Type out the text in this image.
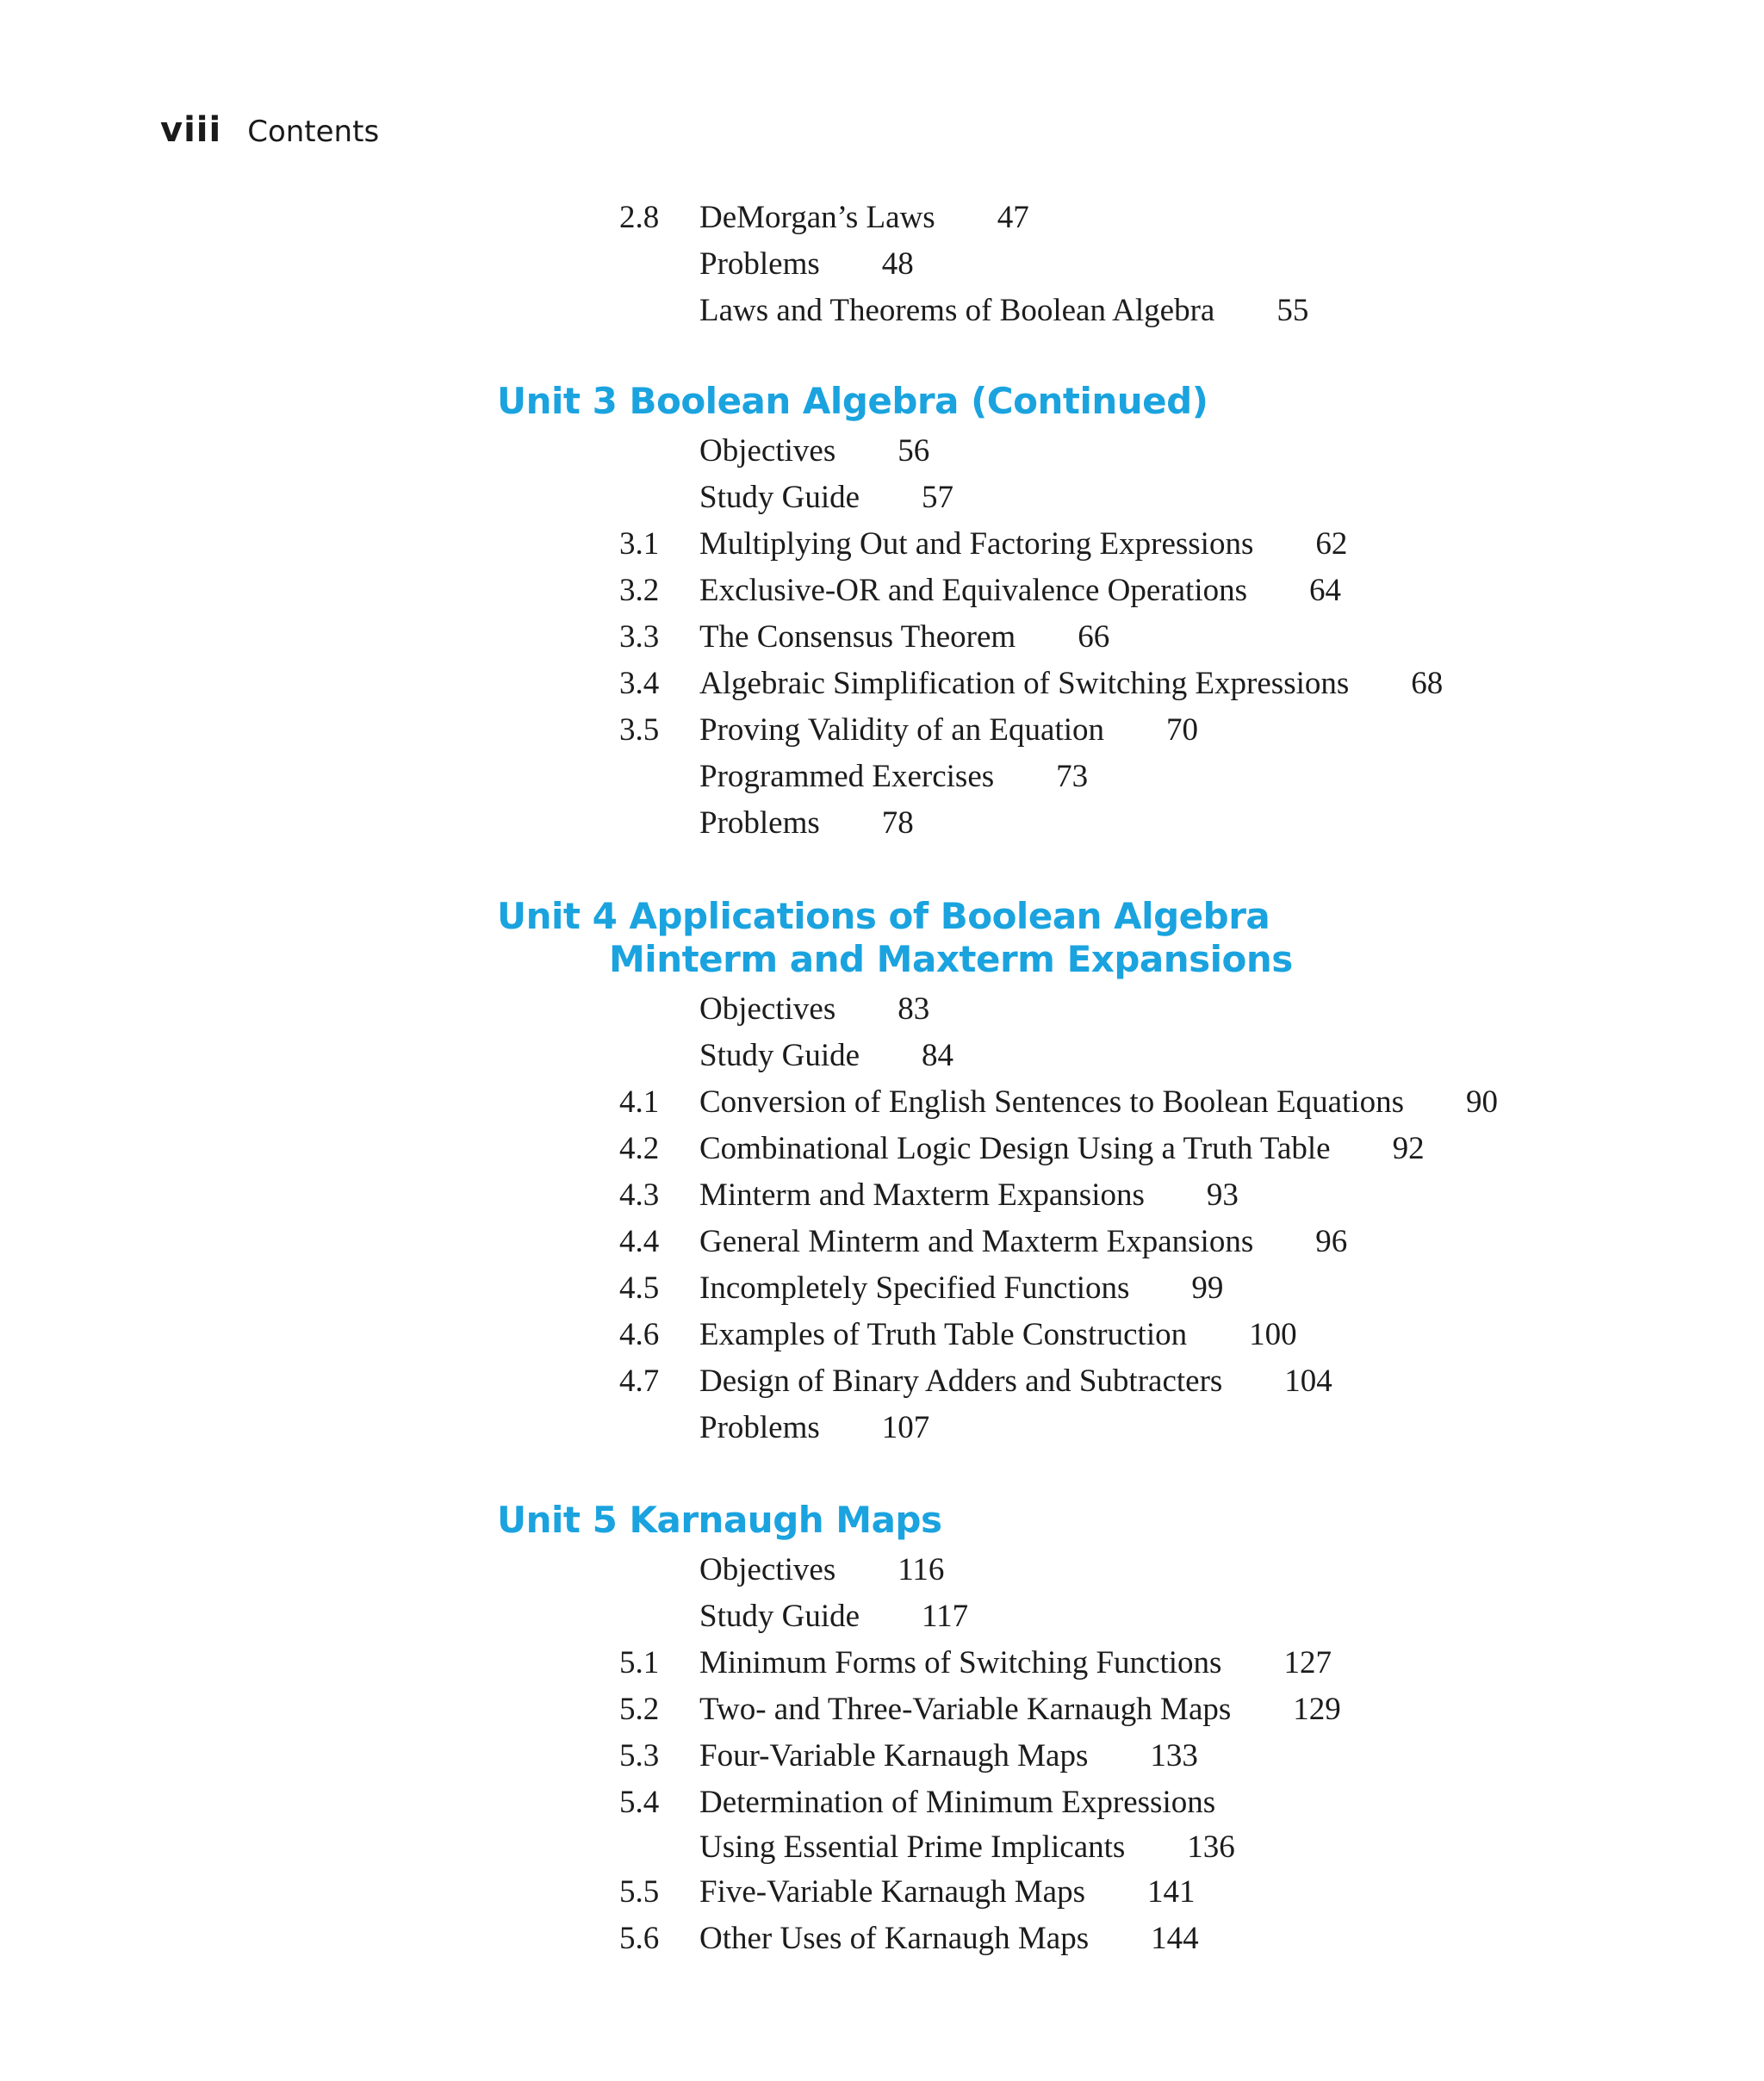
viii Contents
2.8 DeMorgan’s Laws 47
Problems 48
Laws and Theorems of Boolean Algebra 55
Unit 3 Boolean Algebra (Continued)
Objectives 56
Study Guide 57
3.1 Multiplying Out and Factoring Expressions 62
3.2 Exclusive-OR and Equivalence Operations 64
3.3 The Consensus Theorem 66
3.4 Algebraic Simplification of Switching Expressions 68
3.5 Proving Validity of an Equation 70
Programmed Exercises 73
Problems 78
Unit 4 Applications of Boolean Algebra
Minterm and Maxterm Expansions
Objectives 83
Study Guide 84
4.1 Conversion of English Sentences to Boolean Equations 90
4.2 Combinational Logic Design Using a Truth Table 92
4.3 Minterm and Maxterm Expansions 93
4.4 General Minterm and Maxterm Expansions 96
4.5 Incompletely Specified Functions 99
4.6 Examples of Truth Table Construction 100
4.7 Design of Binary Adders and Subtracters 104
Problems 107
Unit 5 Karnaugh Maps
Objectives 116
Study Guide 117
5.1 Minimum Forms of Switching Functions 127
5.2 Two- and Three-Variable Karnaugh Maps 129
5.3 Four-Variable Karnaugh Maps 133
5.4 Determination of Minimum Expressions
Using Essential Prime Implicants 136
5.5 Five-Variable Karnaugh Maps 141
5.6 Other Uses of Karnaugh Maps 144
